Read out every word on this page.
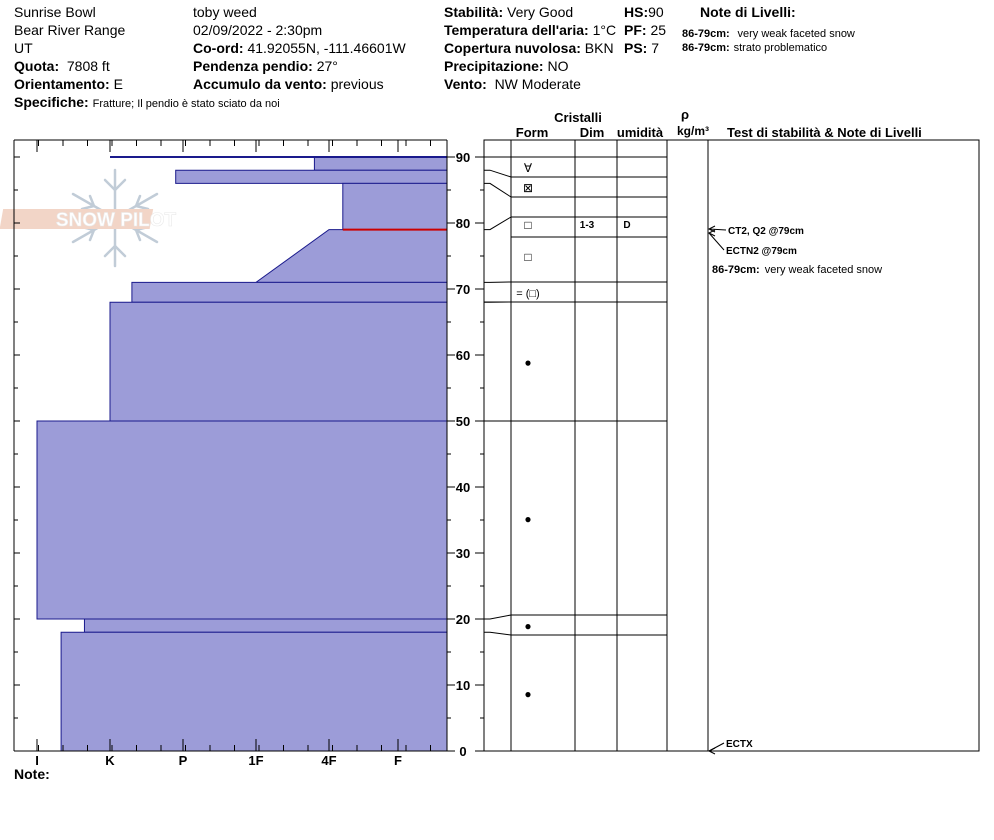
Sunrise Bowl
Bear River Range
UT
Quota: 7808 ft
Orientamento: E
Specifiche: Fratture; Il pendio è stato sciato da noi
toby weed
02/09/2022 - 2:30pm
Co-ord: 41.92055N, -111.46601W
Pendenza pendio: 27°
Accumulo da vento: previous
Stabilità: Very Good
Temperatura dell'aria: 1°C
Copertura nuvolosa: BKN
Precipitazione: NO
Vento: NW Moderate
HS:90
PF: 25
PS: 7
Note di Livelli:
86-79cm: very weak faceted snow
86-79cm: strato problematico
Note:
SNOW PILOT
I	K	P	1F	4F	F
0
10
20
30
40
50
60
70
80
90
Cristalli
Form Dim umidità
ρ
kg/m³ Test di stabilità & Note di Livelli
∀
⊠
□	1-3	D
□
= (□)
●
●
●
●
CT2, Q2 @79cm
ECTN2 @79cm
ECTX
86-79cm: very weak faceted snow
